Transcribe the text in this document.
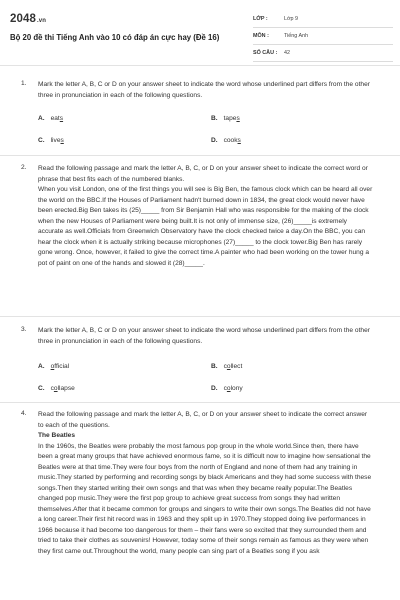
2048.vn
Bộ 20 đề thi Tiếng Anh vào 10 có đáp án cực hay (Đề 16)
LỚP :	Lớp 9
MÔN :	Tiếng Anh
SỐ CÂU : 42
1. Mark the letter A, B, C or D on your answer sheet to indicate the word whose underlined part differs from the other three in pronunciation in each of the following questions.
A. eats	B. tapes
C. lives	D. cooks
2. Read the following passage and mark the letter A, B, C, or D on your answer sheet to indicate the correct word or phrase that best fits each of the numbered blanks.

When you visit London, one of the first things you will see is Big Ben, the famous clock which can be heard all over the world on the BBC.If the Houses of Parliament hadn't burned down in 1834, the great clock would never have been erected.Big Ben takes its (25)_____ from Sir Benjamin Hall who was responsible for the making of the clock when the new Houses of Parliament were being built.It is not only of immense size, (26)_____is extremely accurate as well.Officials from Greenwich Observatory have the clock checked twice a day.On the BBC, you can hear the clock when it is actually striking because microphones (27)_____ to the clock tower.Big Ben has rarely gone wrong. Once, however, it failed to give the correct time.A painter who had been working on the tower hung a pot of paint on one of the hands and slowed it (28)_____.

3. Mark the letter A, B, C or D on your answer sheet to indicate the word whose underlined part differs from the other three in pronunciation in each of the following questions.
A. official	B. collect
C. collapse	D. colony
4. Read the following passage and mark the letter A, B, C, or D on your answer sheet to indicate the correct answer to each of the questions.

The Beatles

In the 1960s, the Beatles were probably the most famous pop group in the whole world.Since then, there have been a great many groups that have achieved enormous fame, so it is difficult now to imagine how sensational the Beatles were at that time.They were four boys from the north of England and none of them had any training in music.They started by performing and recording songs by black Americans and they had some success with these songs.Then they started writing their own songs and that was when they became really popular.The Beatles changed pop music.They were the first pop group to achieve great success from songs they had written themselves.After that it became common for groups and singers to write their own songs.The Beatles did not have a long career.Their first hit record was in 1963 and they split up in 1970.They stopped doing live performances in 1966 because it had become too dangerous for them – their fans were so excited that they surrounded them and tried to take their clothes as souvenirs! However, today some of their songs remain as famous as they were when they first came out.Throughout the world, many people can sing part of a Beatles song if you ask
